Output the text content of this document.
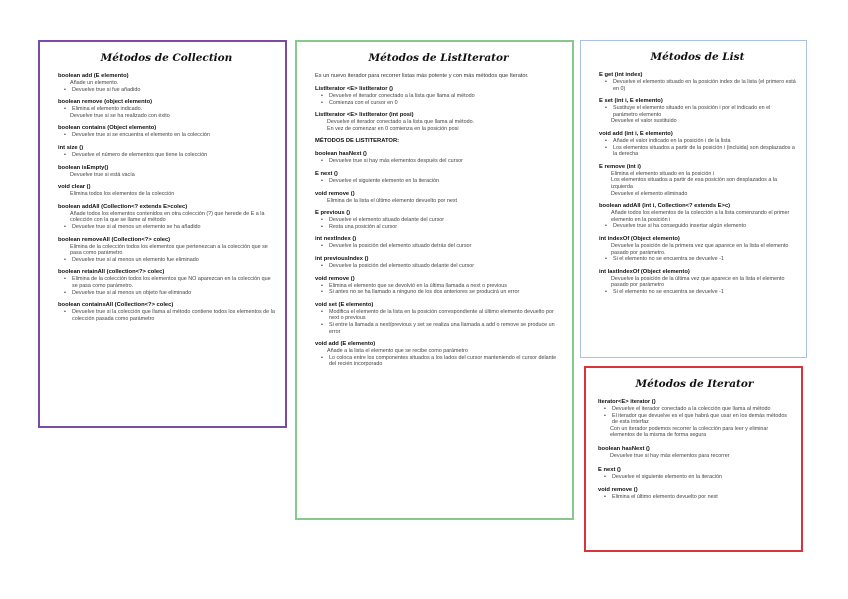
Métodos de Collection
boolean add (E elemento)
Añade un elemento.
• Devuelve true si fue añadido
boolean remove (object elemento)
• Elimina el elemento indicado.
Devuelve true si se ha realizado con éxito
boolean contains (Object elemento)
• Devuelve true si se encuentra el elemento en la colección
int size ()
• Devuelve el número de elementos que tiene la colección
boolean isEmpty()
Devuelve true si está vacía
void clear ()
Elimina todos los elementos de la colección
boolean addAll (Collection<? extends E>colec)
Añade todos los elementos contenidos en otra colección (?) que herede de E a la colección con la que se llame al método
• Devuelve true si al menos un elemento se ha añadido
boolean removeAll (Collection<?> colec)
Elimina de la colección todos los elementos que pertenezcan a la colección que se pasa como parámetro
• Devuelve true si al menos un elemento fue eliminado
boolean retainAll (collection<?> colec)
• Elimina de la colección todos los elementos que NO aparezcan en la colección que se pasa como parámetro.
• Devuelve true si al menos un objeto fue eliminado
boolean containsAll (Collection<?> colec)
• Devuelve true si la colección que llama al método contiene todos los elementos de la colección pasada como parámetro
Métodos de ListIterator
Es un nuevo iterador para recorrer listas más potente y con más métodos que Iterator.
ListIterator <E> listIterator ()
• Devuelve el iterador conectado a la lista que llama al método
• Comienza con el cursor en 0
ListIterator <E> listIterator (int posi)
Devuelve el iterador conectado a la lista que llama al método.
En vez de comenzar en 0 comienza en la posición posi
MÉTODOS DE LISTITERATOR:
boolean hasNext ()
• Devuelve true si hay más elementos después del cursor
E next ()
• Devuelve el siguiente elemento en la iteración
void remove ()
Elimina de la lista el último elemento devuelto por next
E previous ()
• Devuelve el elemento situado delante del cursor
• Resta una posición al cursor
int nextIndex ()
• Devuelve la posición del elemento situado detrás del cursor
int previousIndex ()
• Devuelve la posición del elemento situado delante del cursor
void remove ()
• Elimina el elemento que se devolvió en la última llamada a next o previous
• Si antes no se ha llamado a ninguno de los dos anteriores se producirá un error
void set (E elemento)
• Modifica el elemento de la lista en la posición correspondiente al último elemento devuelto por next o previous
• Si entre la llamada a next/previous y set se realiza una llamada a add o remove se produce un error
void add (E elemento)
Añade a la lista el elemento que se recibe como parámetro
• Lo coloca entre los componentes situados a los lados del cursor manteniendo el cursor delante del recién incorporado
Métodos de List
E get (int index)
• Devuelve el elemento situado en la posición index de la lista (el primero está en 0)
E set (int i, E elemento)
• Sustituye el elemento situado en la posición i por el indicado en el parámetro elemento
Devuelve el valor sustituido
void add (int i, E elemento)
• Añade el valor indicado en la posición i de la lista
• Los elementos situados a partir de la posición i (incluida) son desplazados a la derecha
E remove (int i)
Elimina el elemento situado en la posición i
Los elementos situados a partir de esa posición son desplazados a la izquierda
Devuelve el elemento eliminado
boolean addAll (int i, Collection<? extends E>c)
Añade todos los elementos de la colección a la lista comenzando el primer elemento en la posición i
• Devuelve true si ha conseguido insertar algún elemento
int indexOf (Object elemento)
Devuelve la posición de la primera vez que aparece en la lista el elemento pasado por parámetro.
• Si el elemento no se encuentra se devuelve -1
int lastIndexOf (Object elemento)
Devuelve la posición de la última vez que aparece en la lista el elemento pasado por parámetro
• Si el elemento no se encuentra se devuelve -1
Métodos de Iterator
Iterator<E> iterator ()
• Devuelve el iterador conectado a la colección que llama al método
• El iterador que devuelve es el que habrá que usar en los demás métodos de esta interfaz
Con un iterador podemos recorrer la colección para leer y eliminar elementos de la misma de forma segura
boolean hasNext ()
Devuelve true si hay más elementos para recorrer
E next ()
• Devuelve el siguiente elemento en la iteración
void remove ()
• Elimina el último elemento devuelto por next
